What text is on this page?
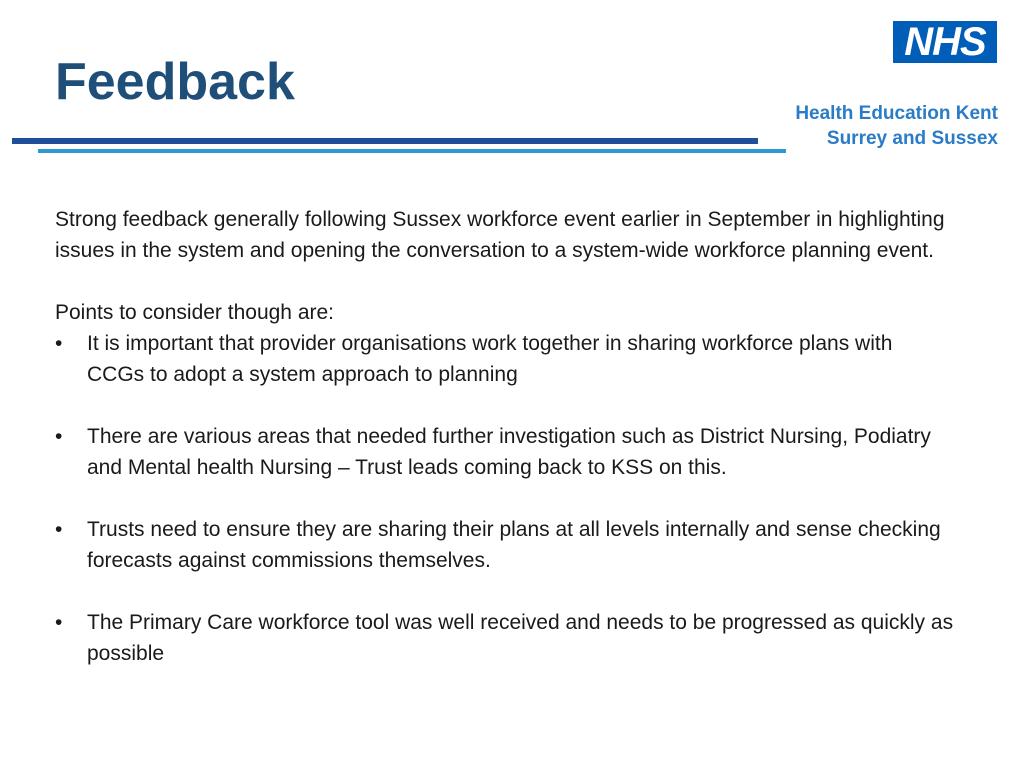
Feedback
NHS
Health Education Kent
Surrey and Sussex

Strong feedback generally following Sussex workforce event earlier in September in highlighting issues in the system and opening the conversation to a system-wide workforce planning event.

Points to consider though are:

• It is important that provider organisations work together in sharing workforce plans with CCGs to adopt a system approach to planning
• There are various areas that needed further investigation such as District Nursing, Podiatry and Mental health Nursing – Trust leads coming back to KSS on this.
• Trusts need to ensure they are sharing their plans at all levels internally and sense checking forecasts against commissions themselves.
• The Primary Care workforce tool was well received and needs to be progressed as quickly as possible
